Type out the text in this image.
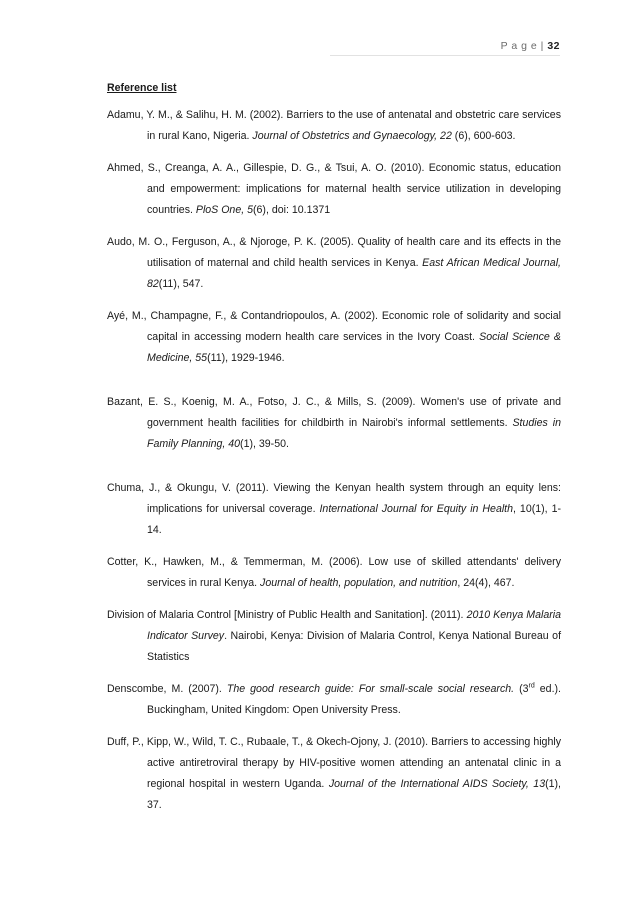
P a g e | 32

Reference list

Adamu, Y. M., & Salihu, H. M. (2002). Barriers to the use of antenatal and obstetric care services in rural Kano, Nigeria. Journal of Obstetrics and Gynaecology, 22 (6), 600-603.

Ahmed, S., Creanga, A. A., Gillespie, D. G., & Tsui, A. O. (2010). Economic status, education and empowerment: implications for maternal health service utilization in developing countries. PloS One, 5(6), doi: 10.1371

Audo, M. O., Ferguson, A., & Njoroge, P. K. (2005). Quality of health care and its effects in the utilisation of maternal and child health services in Kenya. East African Medical Journal, 82(11), 547.

Ayé, M., Champagne, F., & Contandriopoulos, A. (2002). Economic role of solidarity and social capital in accessing modern health care services in the Ivory Coast. Social Science & Medicine, 55(11), 1929-1946.

Bazant, E. S., Koenig, M. A., Fotso, J. C., & Mills, S. (2009). Women's use of private and government health facilities for childbirth in Nairobi's informal settlements. Studies in Family Planning, 40(1), 39-50.

Chuma, J., & Okungu, V. (2011). Viewing the Kenyan health system through an equity lens: implications for universal coverage. International Journal for Equity in Health, 10(1), 1-14.

Cotter, K., Hawken, M., & Temmerman, M. (2006). Low use of skilled attendants' delivery services in rural Kenya. Journal of health, population, and nutrition, 24(4), 467.

Division of Malaria Control [Ministry of Public Health and Sanitation]. (2011). 2010 Kenya Malaria Indicator Survey. Nairobi, Kenya: Division of Malaria Control, Kenya National Bureau of Statistics

Denscombe, M. (2007). The good research guide: For small-scale social research. (3rd ed.). Buckingham, United Kingdom: Open University Press.

Duff, P., Kipp, W., Wild, T. C., Rubaale, T., & Okech-Ojony, J. (2010). Barriers to accessing highly active antiretroviral therapy by HIV-positive women attending an antenatal clinic in a regional hospital in western Uganda. Journal of the International AIDS Society, 13(1), 37.
